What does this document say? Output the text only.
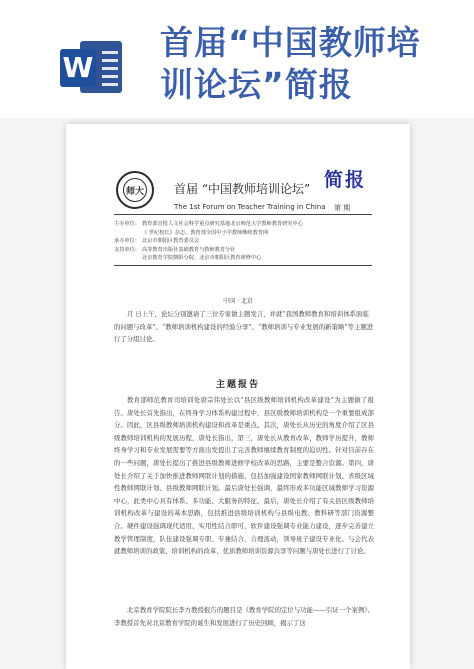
W
首届“中国教师培
训论坛”简报
师大	首届 “中国教师培训论坛” 简报
The 1st Forum on Teacher Training in China 第 期
主办单位： 教育部首批人文社会科学重点研究基地北京师范大学教师教育研究中心
《 世纪校长》杂志、教育部全国中小学教师继续教育网
承办单位： 北京市朝阳区教育委员会
支持单位： 高等教育出版社基础教育与教师教育分社
北京教育学院朝阳分院、北京市朝阳区教育研修中心
中国 · 北京
月 日上午，论坛分别邀请了三位专家做主题发言，并就“我国教师教育和培训体系面临的问题与改革”、“教师培训机构建设的经验分享”、“教师培训与专业发展的新策略”等主题进行了分组讨论。
主题报告
教育部师范教育司培训处唐宗伟处长以“县区级教师培训机构改革建设”为主题做了报告。唐处长首先指出，在终身学习体系构建过程中，县区级教师培训机构是一个重要组成部分。因此，区县级教师培训机构建设和改革是重点。其次，唐处长从历史的角度介绍了区县级教师培训机构的发展历程，唐处长指出，第三，唐处长从教育改革、教师学历提升，教师终身学习和专业发展需要等方面出发提出了完善教师继续教育制度的迫切性。针对目前存在的一些问题，唐处长提出了推进县级教师进修学校改革的思路，主要是整合资源。第四，唐处长介绍了关于加快推进教师网联计划的措施，包括加强建设国家教师网联计划、省级区域性教师网联计划、县级教师网联计划。最后唐处长强调，最终形成多功能区域教师学习资源中心，此类中心具有体系、多功能、大服务的特征。最后，唐处长介绍了有关县区级教师培训机构改革与建设的基本思路，包括推进县级培训机构与县级电教、教科研等部门资源整合。硬件建设强调现代适用、实用性结合即可，软件建设强调专业能力建设，逐步完善建立教学管理制度，队伍建设强调专职、专兼结合，合理流动，领导班子建设专业化。与会代表就教师培训的政策、培训机构的改革、优质教师培训资源共享等问题与唐处长进行了讨论。
北京教育学院院长李方教授报告的题目是《教育学院的定位与功能——引证一个案例》。李教授首先对北京教育学院的诞生和发展进行了历史回顾，揭示了这
